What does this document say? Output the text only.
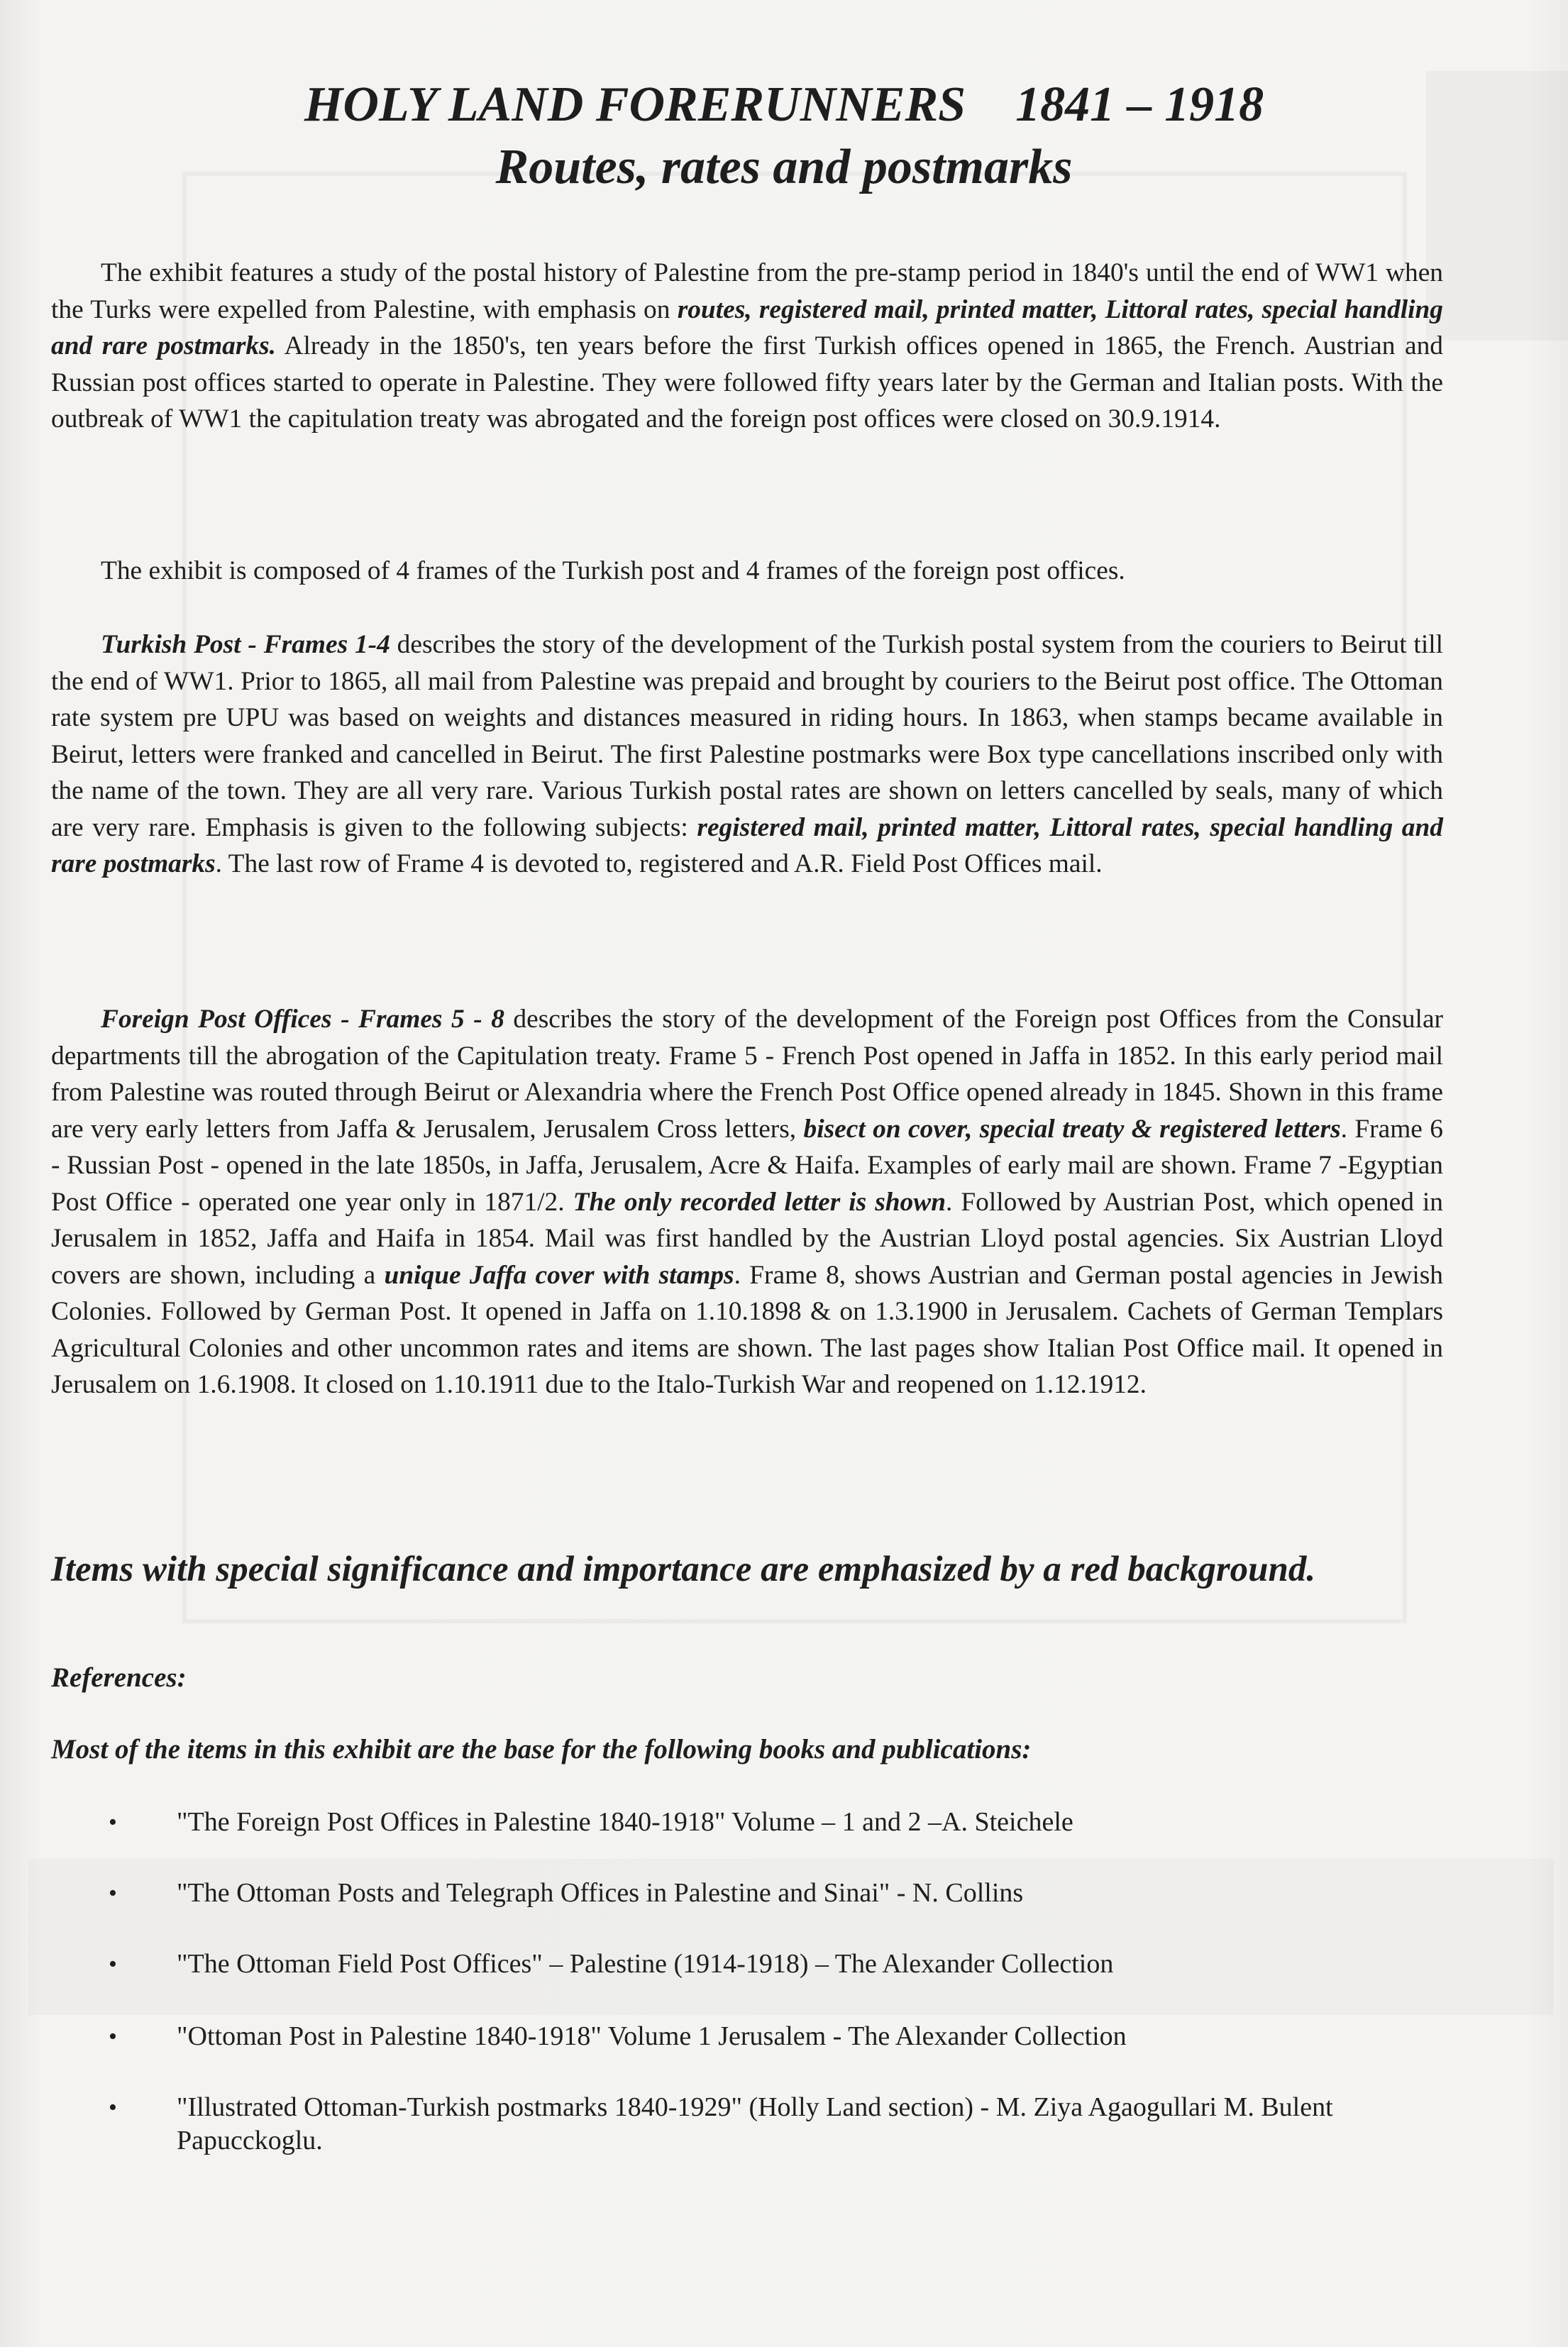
HOLY LAND FORERUNNERS 1841 – 1918
Routes, rates and postmarks

The exhibit features a study of the postal history of Palestine from the pre-stamp period in 1840's until the end of WW1 when the Turks were expelled from Palestine, with emphasis on routes, registered mail, printed matter, Littoral rates, special handling and rare postmarks. Already in the 1850's, ten years before the first Turkish offices opened in 1865, the French. Austrian and Russian post offices started to operate in Palestine. They were followed fifty years later by the German and Italian posts. With the outbreak of WW1 the capitulation treaty was abrogated and the foreign post offices were closed on 30.9.1914.

The exhibit is composed of 4 frames of the Turkish post and 4 frames of the foreign post offices.

Turkish Post - Frames 1-4 describes the story of the development of the Turkish postal system from the couriers to Beirut till the end of WW1. Prior to 1865, all mail from Palestine was prepaid and brought by couriers to the Beirut post office. The Ottoman rate system pre UPU was based on weights and distances measured in riding hours. In 1863, when stamps became available in Beirut, letters were franked and cancelled in Beirut. The first Palestine postmarks were Box type cancellations inscribed only with the name of the town. They are all very rare. Various Turkish postal rates are shown on letters cancelled by seals, many of which are very rare. Emphasis is given to the following subjects: registered mail, printed matter, Littoral rates, special handling and rare postmarks. The last row of Frame 4 is devoted to, registered and A.R. Field Post Offices mail.

Foreign Post Offices - Frames 5 - 8 describes the story of the development of the Foreign post Offices from the Consular departments till the abrogation of the Capitulation treaty. Frame 5 - French Post opened in Jaffa in 1852. In this early period mail from Palestine was routed through Beirut or Alexandria where the French Post Office opened already in 1845. Shown in this frame are very early letters from Jaffa & Jerusalem, Jerusalem Cross letters, bisect on cover, special treaty & registered letters. Frame 6 - Russian Post - opened in the late 1850s, in Jaffa, Jerusalem, Acre & Haifa. Examples of early mail are shown. Frame 7 -Egyptian Post Office - operated one year only in 1871/2. The only recorded letter is shown. Followed by Austrian Post, which opened in Jerusalem in 1852, Jaffa and Haifa in 1854. Mail was first handled by the Austrian Lloyd postal agencies. Six Austrian Lloyd covers are shown, including a unique Jaffa cover with stamps. Frame 8, shows Austrian and German postal agencies in Jewish Colonies. Followed by German Post. It opened in Jaffa on 1.10.1898 & on 1.3.1900 in Jerusalem. Cachets of German Templars Agricultural Colonies and other uncommon rates and items are shown. The last pages show Italian Post Office mail. It opened in Jerusalem on 1.6.1908. It closed on 1.10.1911 due to the Italo-Turkish War and reopened on 1.12.1912.

Items with special significance and importance are emphasized by a red background.

References:

Most of the items in this exhibit are the base for the following books and publications:

• "The Foreign Post Offices in Palestine 1840-1918" Volume – 1 and 2 –A. Steichele
• "The Ottoman Posts and Telegraph Offices in Palestine and Sinai" - N. Collins
• "The Ottoman Field Post Offices" – Palestine (1914-1918) – The Alexander Collection
• "Ottoman Post in Palestine 1840-1918" Volume 1 Jerusalem - The Alexander Collection
• "Illustrated Ottoman-Turkish postmarks 1840-1929" (Holly Land section) - M. Ziya Agaogullari M. Bulent Papucckoglu.
